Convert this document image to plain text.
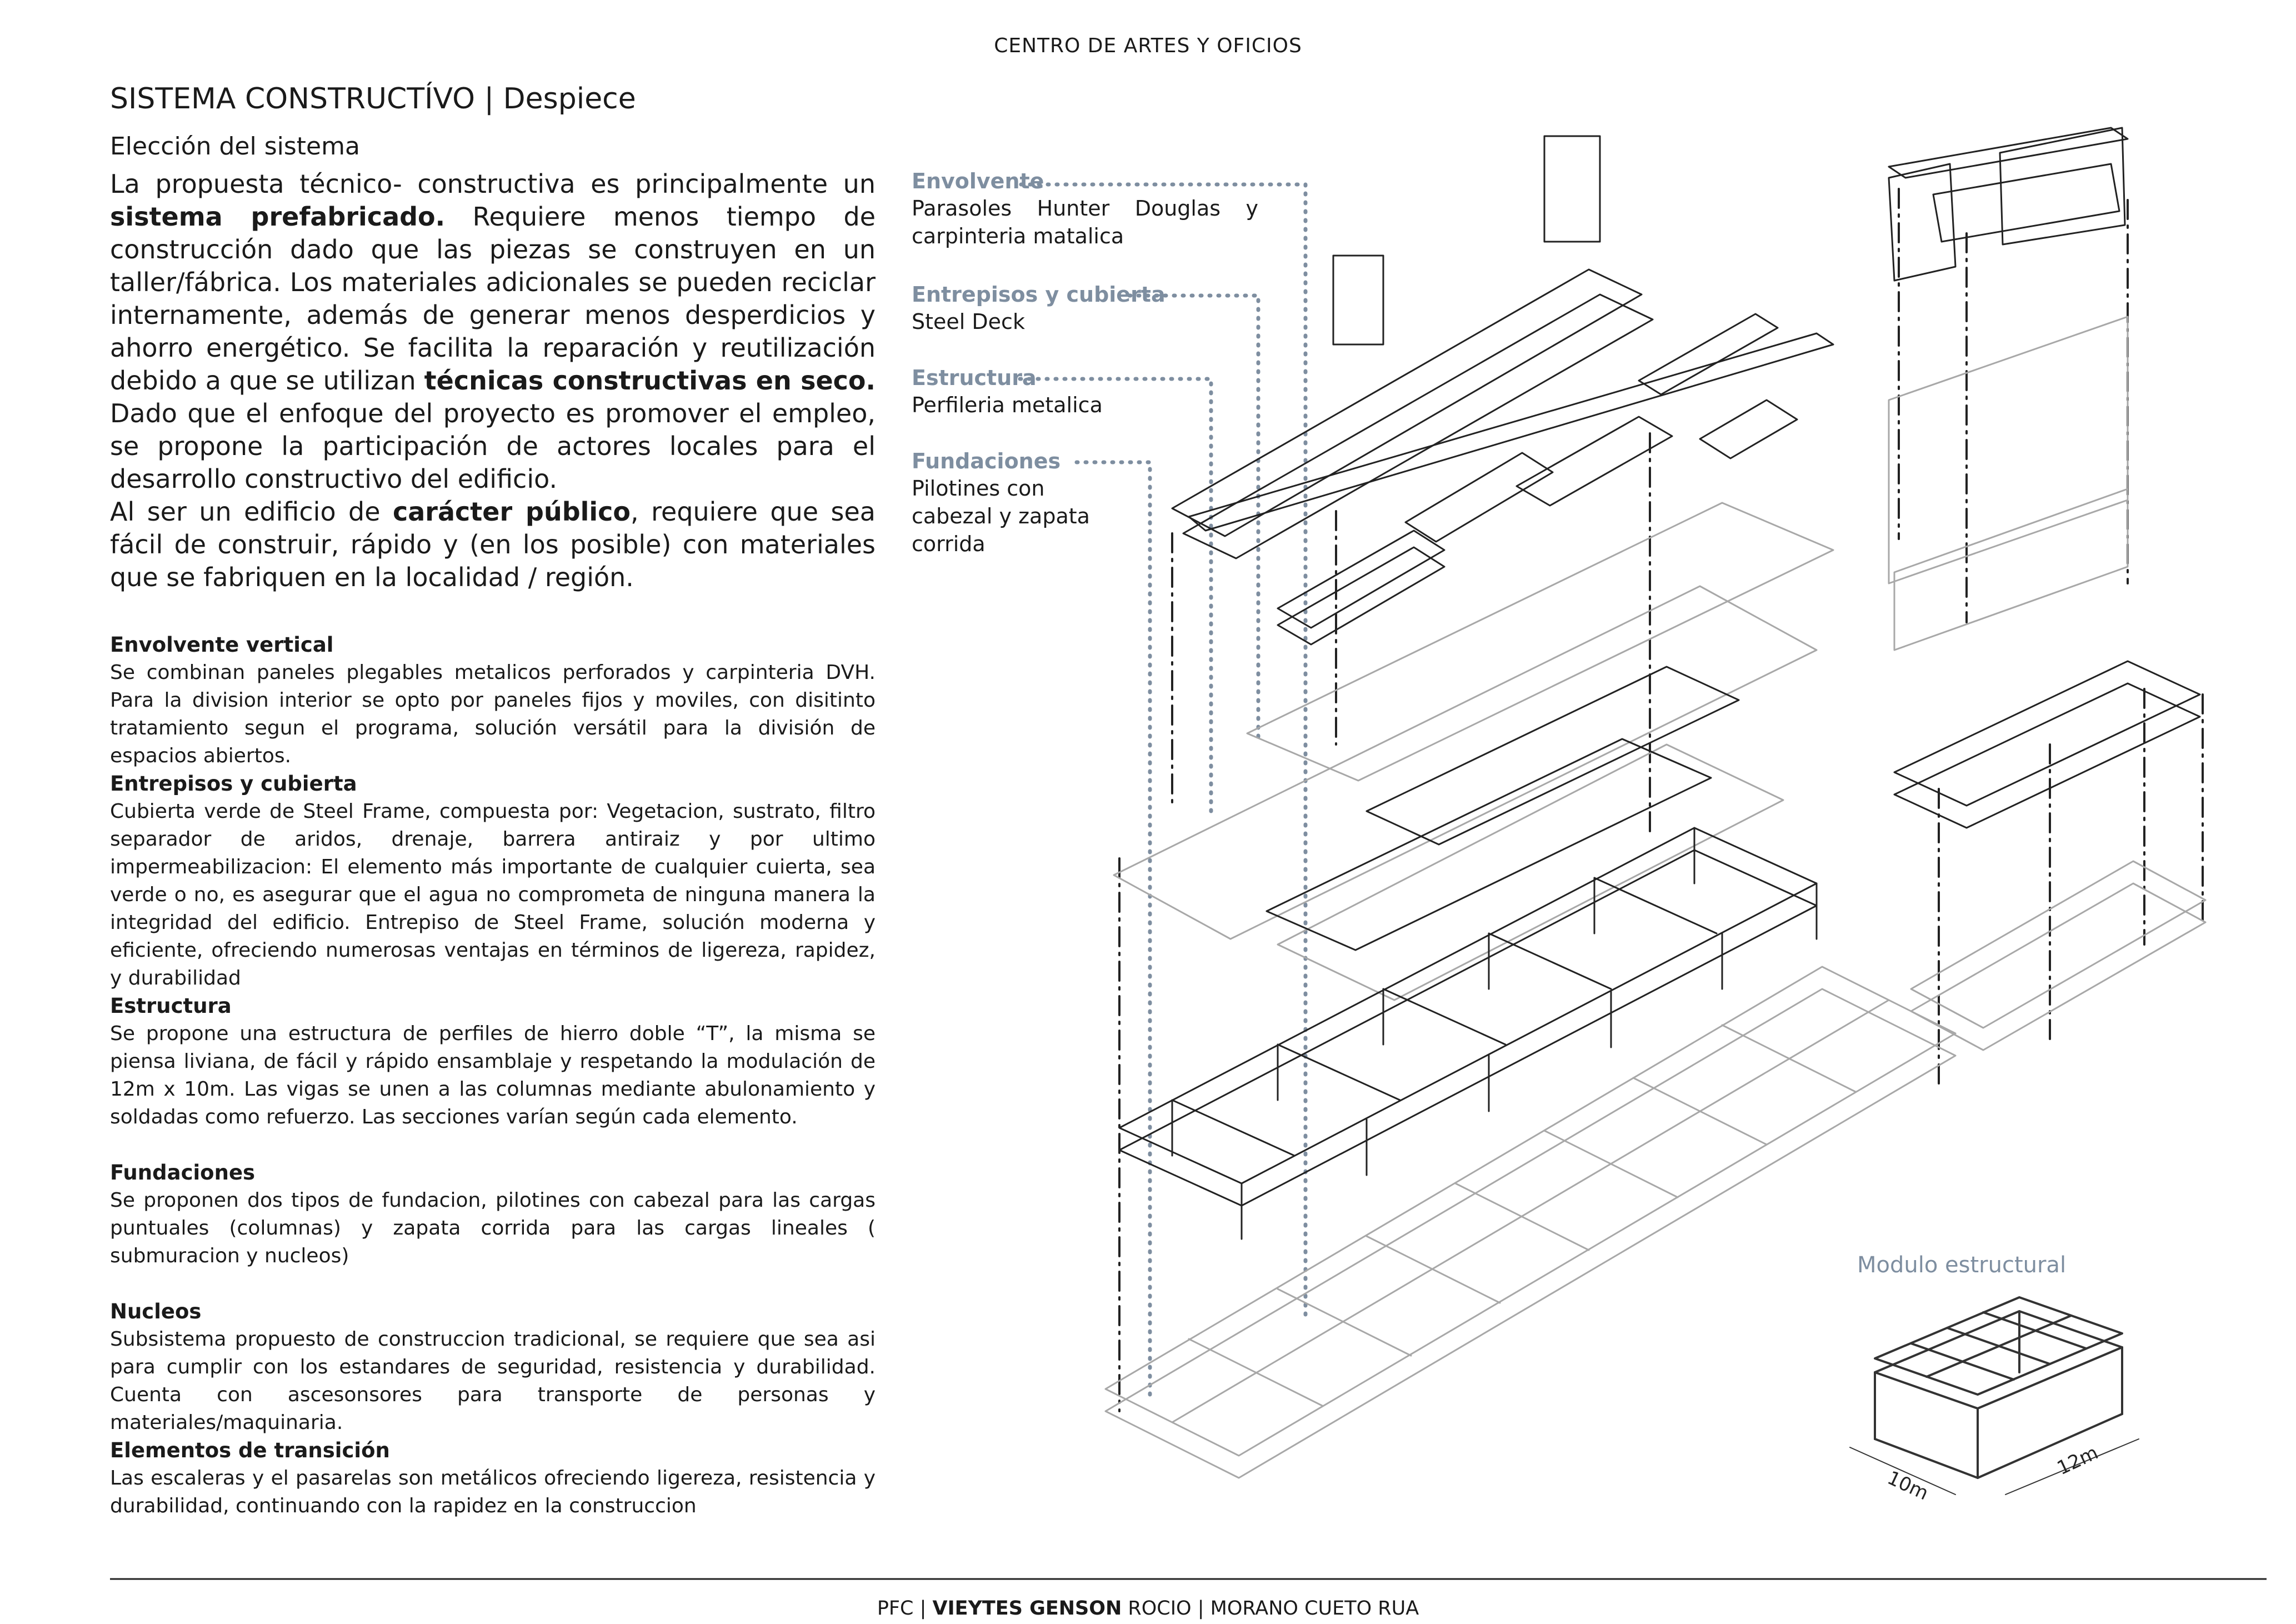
CENTRO DE ARTES Y OFICIOS
SISTEMA CONSTRUCTÍVO | Despiece
Elecciόn del sistema

La propuesta técnico- constructiva es principalmente un sistema prefabricado. Requiere menos tiempo de construcción dado que las piezas se construyen en un taller/fábrica. Los materiales adicionales se pueden reciclar internamente, además de generar menos desperdicios y ahorro energético. Se facilita la reparación y reutilización debido a que se utilizan técnicas constructivas en seco. Dado que el enfoque del proyecto es promover el empleo, se propone la participación de actores locales para el desarrollo constructivo del edificio.

Al ser un edificio de carácter público, requiere que sea fácil de construir, rápido y (en los posible) con materiales que se fabriquen en la localidad / región.

Envolvente vertical
Se combinan paneles plegables metalicos perforados y carpinteria DVH. Para la division interior se opto por paneles fijos y moviles, con disitinto tratamiento segun el programa, solución versátil para la división de espacios abiertos.
Entrepisos y cubierta
Cubierta verde de Steel Frame, compuesta por: Vegetacion, sustrato, filtro separador de aridos, drenaje, barrera antiraiz y por ultimo impermeabilizacion: El elemento más importante de cualquier cuierta, sea verde o no, es asegurar que el agua no comprometa de ninguna manera la integridad del edificio. Entrepiso de Steel Frame, solución moderna y eficiente, ofreciendo numerosas ventajas en términos de ligereza, rapidez, y durabilidad
Estructura
Se propone una estructura de perfiles de hierro doble “T”, la misma se piensa liviana, de fácil y rápido ensamblaje y respetando la modulación de 12m x 10m. Las vigas se unen a las columnas mediante abulonamiento y soldadas como refuerzo. Las secciones varían según cada elemento.
Fundaciones
Se proponen dos tipos de fundacion, pilotines con cabezal para las cargas puntuales (columnas) y zapata corrida para las cargas lineales ( submuracion y nucleos)
Nucleos
Subsistema propuesto de construccion tradicional, se requiere que sea asi para cumplir con los estandares de seguridad, resistencia y durabilidad. Cuenta con ascesonsores para transporte de personas y materiales/maquinaria.
Elementos de transición
Las escaleras y el pasarelas son metálicos ofreciendo ligereza, resistencia y durabilidad, continuando con la rapidez en la construccion
10m
12m
Envolvente
Parasoles Hunter Douglas y carpinteria matalica
Entrepisos y cubierta
Steel Deck
Estructura
Perfileria metalica
Fundaciones
Pilotines con cabezal y zapata corrida
Modulo estructural
PFC | VIEYTES GENSON ROCIO | MORANO CUETO RUA
